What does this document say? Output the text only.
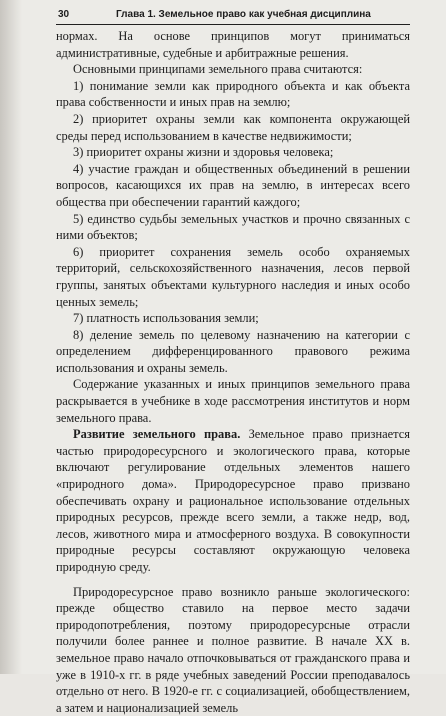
30	Глава 1. Земельное право как учебная дисциплина

нормах. На основе принципов могут приниматься административные, судебные и арбитражные решения.

Основными принципами земельного права считаются:

1) понимание земли как природного объекта и как объекта права собственности и иных прав на землю;

2) приоритет охраны земли как компонента окружающей среды перед использованием в качестве недвижимости;

3) приоритет охраны жизни и здоровья человека;

4) участие граждан и общественных объединений в решении вопросов, касающихся их прав на землю, в интересах всего общества при обеспечении гарантий каждого;

5) единство судьбы земельных участков и прочно связанных с ними объектов;

6) приоритет сохранения земель особо охраняемых территорий, сельскохозяйственного назначения, лесов первой группы, занятых объектами культурного наследия и иных особо ценных земель;

7) платность использования земли;

8) деление земель по целевому назначению на категории с определением дифференцированного правового режима использования и охраны земель.

Содержание указанных и иных принципов земельного права раскрывается в учебнике в ходе рассмотрения институтов и норм земельного права.

Развитие земельного права. Земельное право признается частью природоресурсного и экологического права, которые включают регулирование отдельных элементов нашего «природного дома». Природоресурсное право призвано обеспечивать охрану и рациональное использование отдельных природных ресурсов, прежде всего земли, а также недр, вод, лесов, животного мира и атмосферного воздуха. В совокупности природные ресурсы составляют окружающую человека природную среду.

Природоресурсное право возникло раньше экологического: прежде общество ставило на первое место задачи природопотребления, поэтому природоресурсные отрасли получили более раннее и полное развитие. В начале XX в. земельное право начало отпочковываться от гражданского права и уже в 1910-х гг. в ряде учебных заведений России преподавалось отдельно от него. В 1920-е гг. с социализацией, обобществлением, а затем и национализацией земель
